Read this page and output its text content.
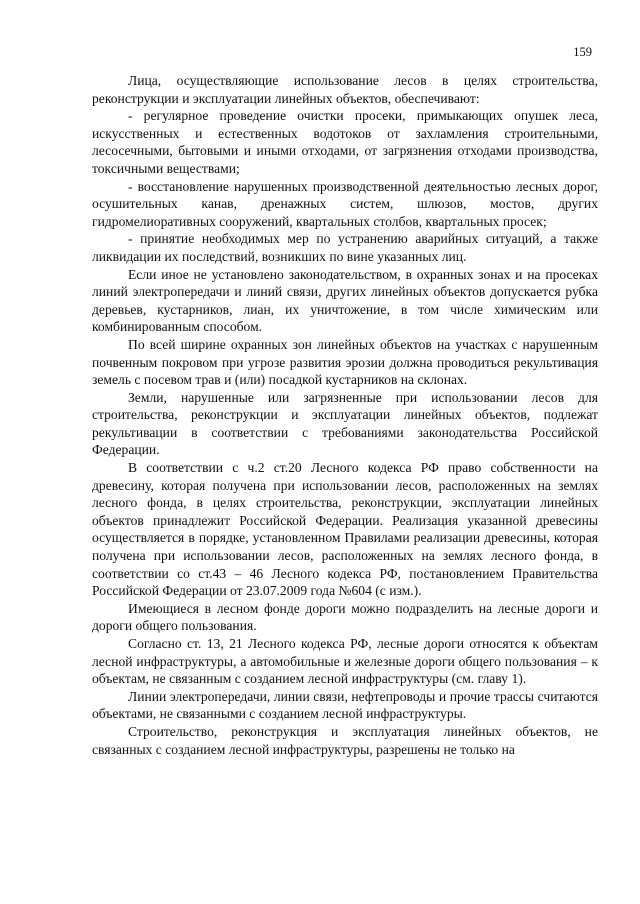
159

Лица, осуществляющие использование лесов в целях строительства, реконструкции и эксплуатации линейных объектов, обеспечивают:

- регулярное проведение очистки просеки, примыкающих опушек леса, искусственных и естественных водотоков от захламления строительными, лесосечными, бытовыми и иными отходами, от загрязнения отходами производства, токсичными веществами;

- восстановление нарушенных производственной деятельностью лесных дорог, осушительных канав, дренажных систем, шлюзов, мостов, других гидромелиоративных сооружений, квартальных столбов, квартальных просек;

- принятие необходимых мер по устранению аварийных ситуаций, а также ликвидации их последствий, возникших по вине указанных лиц.

Если иное не установлено законодательством, в охранных зонах и на просеках линий электропередачи и линий связи, других линейных объектов допускается рубка деревьев, кустарников, лиан, их уничтожение, в том числе химическим или комбинированным способом.

По всей ширине охранных зон линейных объектов на участках с нарушенным почвенным покровом при угрозе развития эрозии должна проводиться рекультивация земель с посевом трав и (или) посадкой кустарников на склонах.

Земли, нарушенные или загрязненные при использовании лесов для строительства, реконструкции и эксплуатации линейных объектов, подлежат рекультивации в соответствии с требованиями законодательства Российской Федерации.

В соответствии с ч.2 ст.20 Лесного кодекса РФ право собственности на древесину, которая получена при использовании лесов, расположенных на землях лесного фонда, в целях строительства, реконструкции, эксплуатации линейных объектов принадлежит Российской Федерации. Реализация указанной древесины осуществляется в порядке, установленном Правилами реализации древесины, которая получена при использовании лесов, расположенных на землях лесного фонда, в соответствии со ст.43 – 46 Лесного кодекса РФ, постановлением Правительства Российской Федерации от 23.07.2009 года №604 (с изм.).

Имеющиеся в лесном фонде дороги можно подразделить на лесные дороги и дороги общего пользования.

Согласно ст. 13, 21 Лесного кодекса РФ, лесные дороги относятся к объектам лесной инфраструктуры, а автомобильные и железные дороги общего пользования – к объектам, не связанным с созданием лесной инфраструктуры (см. главу 1).

Линии электропередачи, линии связи, нефтепроводы и прочие трассы считаются объектами, не связанными с созданием лесной инфраструктуры.

Строительство, реконструкция и эксплуатация линейных объектов, не связанных с созданием лесной инфраструктуры, разрешены не только на
